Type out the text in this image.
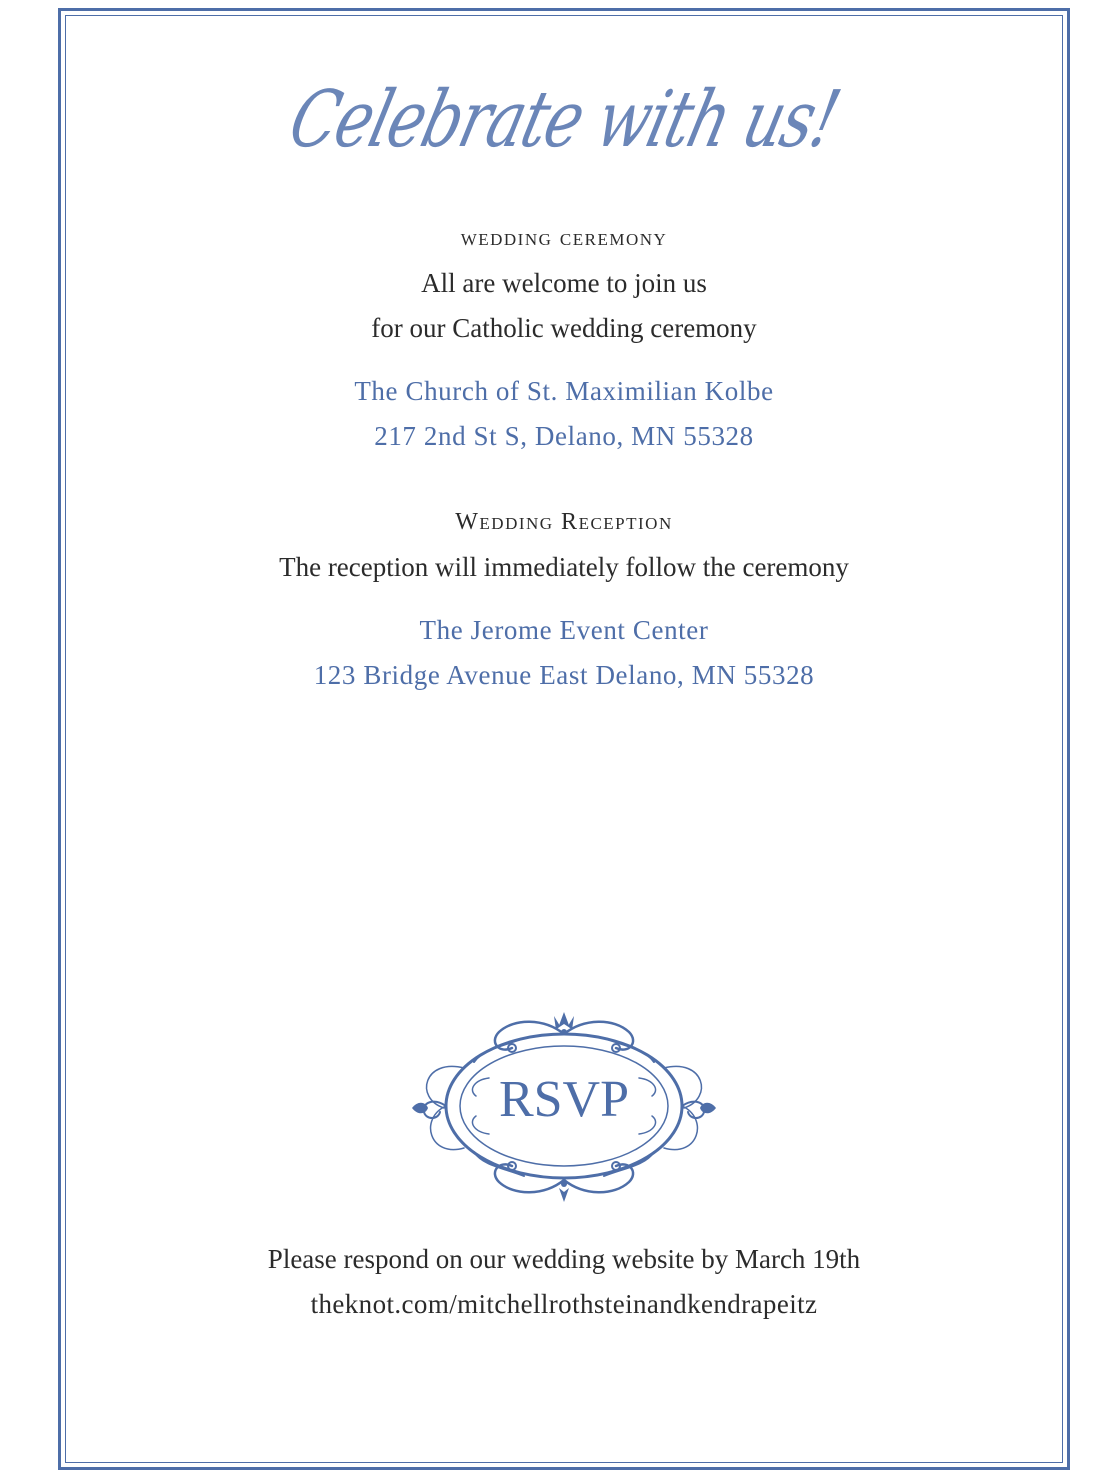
Celebrate with us!
wedding ceremony
All are welcome to join us
for our Catholic wedding ceremony
The Church of St. Maximilian Kolbe
217 2nd St S, Delano, MN 55328
Wedding Reception
The reception will immediately follow the ceremony
The Jerome Event Center
123 Bridge Avenue East Delano, MN 55328
RSVP
Please respond on our wedding website by March 19th
theknot.com/mitchellrothsteinandkendrapeitz
